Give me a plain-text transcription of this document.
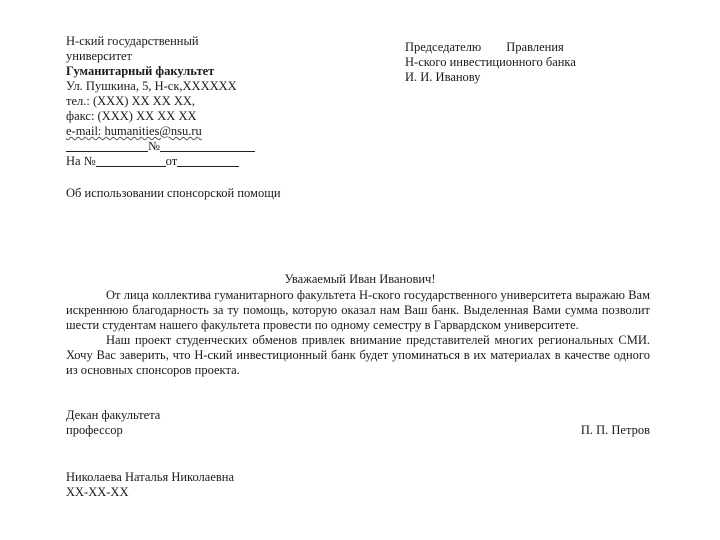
Н-ский государственный
университет
Гуманитарный факультет
Ул. Пушкина, 5, Н-ск,XXXXXX
тел.: (XXX) XX XX XX,
факс: (XXX) XX XX XX
e-mail: humanities@nsu.ru
№
На №	от
Председателю        Правления
Н-ского инвестиционного банка
И. И. Иванову
Об использовании спонсорской помощи
Уважаемый Иван Иванович!

От лица коллектива гуманитарного факультета Н-ского государственного университета выражаю Вам искреннюю благодарность за ту помощь, которую оказал нам Ваш банк. Выделенная Вами сумма позволит шести студентам нашего факультета провести по одному семестру в Гарвардском университете.

Наш проект студенческих обменов привлек внимание представителей многих региональных СМИ. Хочу Вас заверить, что Н-ский инвестиционный банк будет упоминаться в их материалах в качестве одного из основных спонсоров проекта.

Декан факультета
профессор	П. П. Петров
Николаева Наталья Николаевна
XX-XX-XX
